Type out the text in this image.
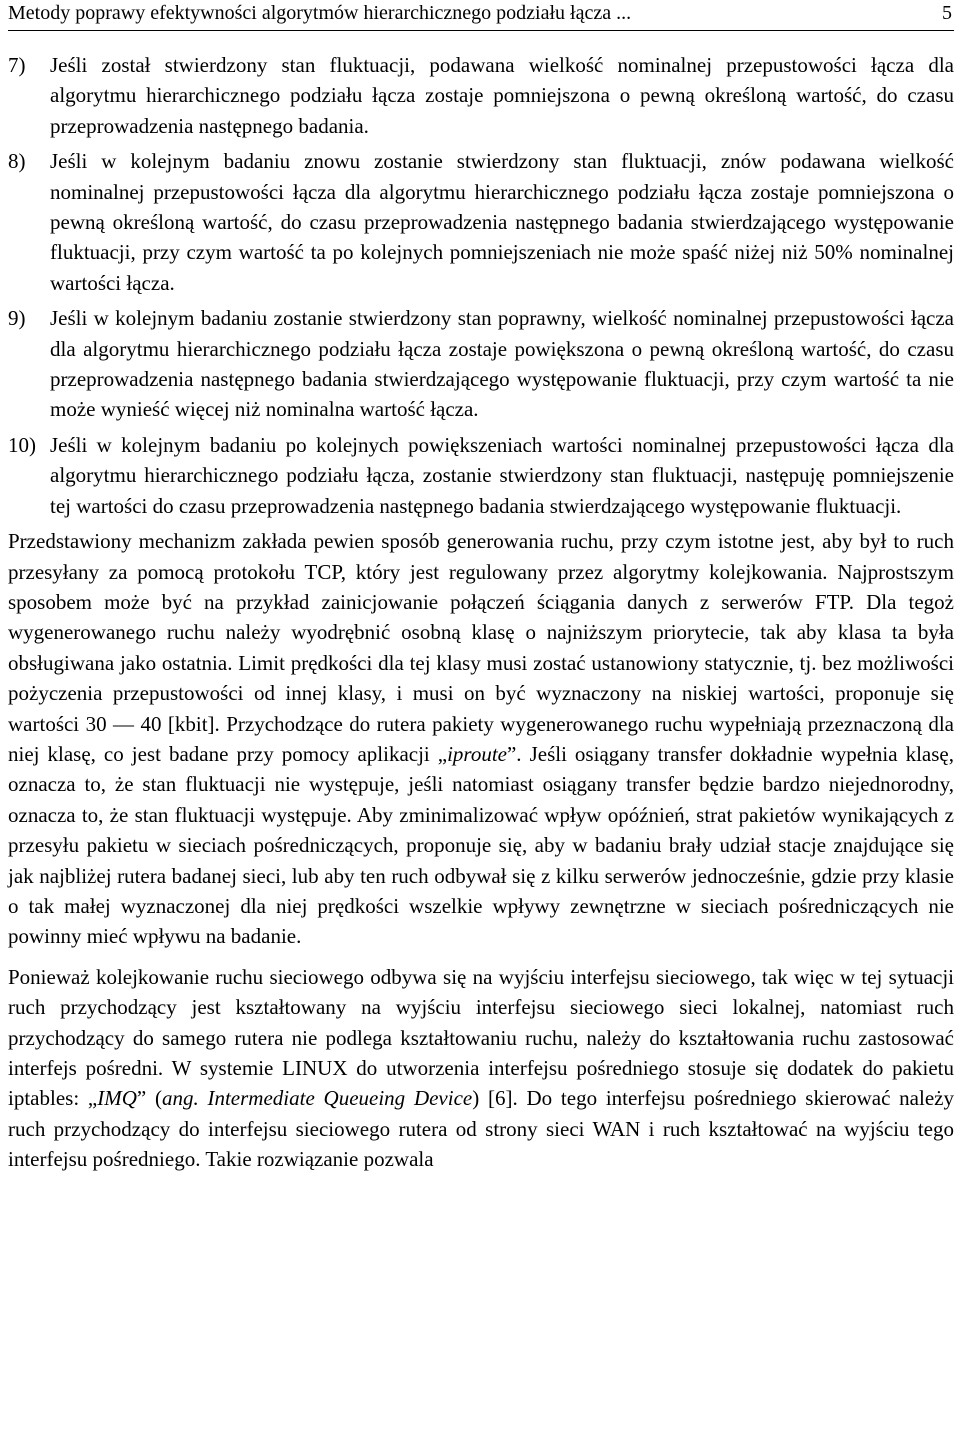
Metody poprawy efektywności algorytmów hierarchicznego podziału łącza ...	5
7) Jeśli został stwierdzony stan fluktuacji, podawana wielkość nominalnej przepustowości łącza dla algorytmu hierarchicznego podziału łącza zostaje pomniejszona o pewną określoną wartość, do czasu przeprowadzenia następnego badania.
8) Jeśli w kolejnym badaniu znowu zostanie stwierdzony stan fluktuacji, znów podawana wielkość nominalnej przepustowości łącza dla algorytmu hierarchicznego podziału łącza zostaje pomniejszona o pewną określoną wartość, do czasu przeprowadzenia następnego badania stwierdzającego występowanie fluktuacji, przy czym wartość ta po kolejnych pomniejszeniach nie może spaść niżej niż 50% nominalnej wartości łącza.
9) Jeśli w kolejnym badaniu zostanie stwierdzony stan poprawny, wielkość nominalnej przepustowości łącza dla algorytmu hierarchicznego podziału łącza zostaje powiększona o pewną określoną wartość, do czasu przeprowadzenia następnego badania stwierdzającego występowanie fluktuacji, przy czym wartość ta nie może wynieść więcej niż nominalna wartość łącza.
10) Jeśli w kolejnym badaniu po kolejnych powiększeniach wartości nominalnej przepustowości łącza dla algorytmu hierarchicznego podziału łącza, zostanie stwierdzony stan fluktuacji, następuję pomniejszenie tej wartości do czasu przeprowadzenia następnego badania stwierdzającego występowanie fluktuacji.

Przedstawiony mechanizm zakłada pewien sposób generowania ruchu, przy czym istotne jest, aby był to ruch przesyłany za pomocą protokołu TCP, który jest regulowany przez algorytmy kolejkowania. Najprostszym sposobem może być na przykład zainicjowanie połączeń ściągania danych z serwerów FTP. Dla tegoż wygenerowanego ruchu należy wyodrębnić osobną klasę o najniższym priorytecie, tak aby klasa ta była obsługiwana jako ostatnia. Limit prędkości dla tej klasy musi zostać ustanowiony statycznie, tj. bez możliwości pożyczenia przepustowości od innej klasy, i musi on być wyznaczony na niskiej wartości, proponuje się wartości 30 — 40 [kbit]. Przychodzące do rutera pakiety wygenerowanego ruchu wypełniają przeznaczoną dla niej klasę, co jest badane przy pomocy aplikacji „iproute”. Jeśli osiągany transfer dokładnie wypełnia klasę, oznacza to, że stan fluktuacji nie występuje, jeśli natomiast osiągany transfer będzie bardzo niejednorodny, oznacza to, że stan fluktuacji występuje. Aby zminimalizować wpływ opóźnień, strat pakietów wynikających z przesyłu pakietu w sieciach pośredniczących, proponuje się, aby w badaniu brały udział stacje znajdujące się jak najbliżej rutera badanej sieci, lub aby ten ruch odbywał się z kilku serwerów jednocześnie, gdzie przy klasie o tak małej wyznaczonej dla niej prędkości wszelkie wpływy zewnętrzne w sieciach pośredniczących nie powinny mieć wpływu na badanie.

Ponieważ kolejkowanie ruchu sieciowego odbywa się na wyjściu interfejsu sieciowego, tak więc w tej sytuacji ruch przychodzący jest kształtowany na wyjściu interfejsu sieciowego sieci lokalnej, natomiast ruch przychodzący do samego rutera nie podlega kształtowaniu ruchu, należy do kształtowania ruchu zastosować interfejs pośredni. W systemie LINUX do utworzenia interfejsu pośredniego stosuje się dodatek do pakietu iptables: „IMQ” (ang. Intermediate Queueing Device) [6]. Do tego interfejsu pośredniego skierować należy ruch przychodzący do interfejsu sieciowego rutera od strony sieci WAN i ruch kształtować na wyjściu tego interfejsu pośredniego. Takie rozwiązanie pozwala
